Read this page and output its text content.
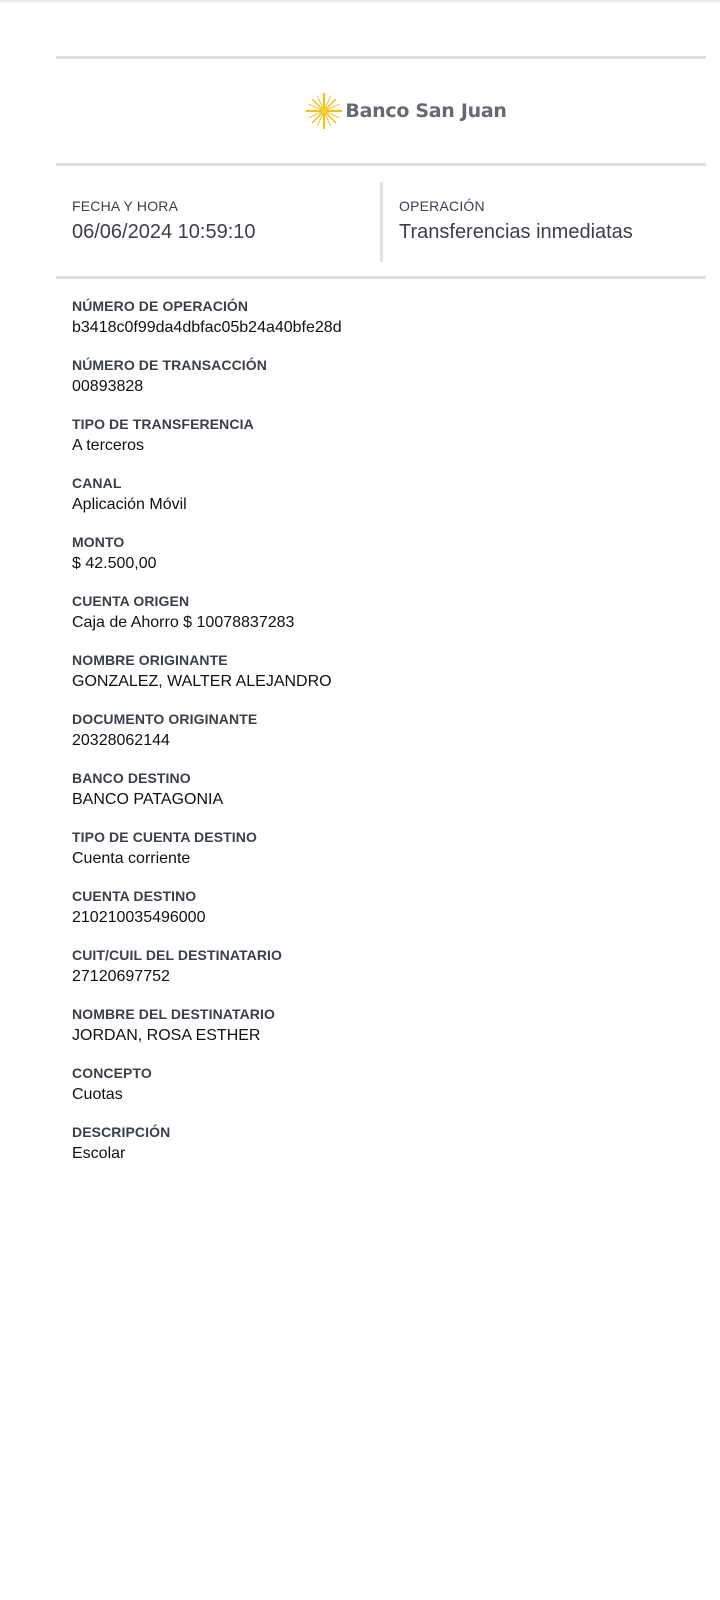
Banco San Juan
FECHA Y HORA
06/06/2024 10:59:10
OPERACIÓN
Transferencias inmediatas
NÚMERO DE OPERACIÓN
b3418c0f99da4dbfac05b24a40bfe28d
NÚMERO DE TRANSACCIÓN
00893828
TIPO DE TRANSFERENCIA
A terceros
CANAL
Aplicación Móvil
MONTO
$ 42.500,00
CUENTA ORIGEN
Caja de Ahorro $ 10078837283
NOMBRE ORIGINANTE
GONZALEZ, WALTER ALEJANDRO
DOCUMENTO ORIGINANTE
20328062144
BANCO DESTINO
BANCO PATAGONIA
TIPO DE CUENTA DESTINO
Cuenta corriente
CUENTA DESTINO
210210035496000
CUIT/CUIL DEL DESTINATARIO
27120697752
NOMBRE DEL DESTINATARIO
JORDAN, ROSA ESTHER
CONCEPTO
Cuotas
DESCRIPCIÓN
Escolar
